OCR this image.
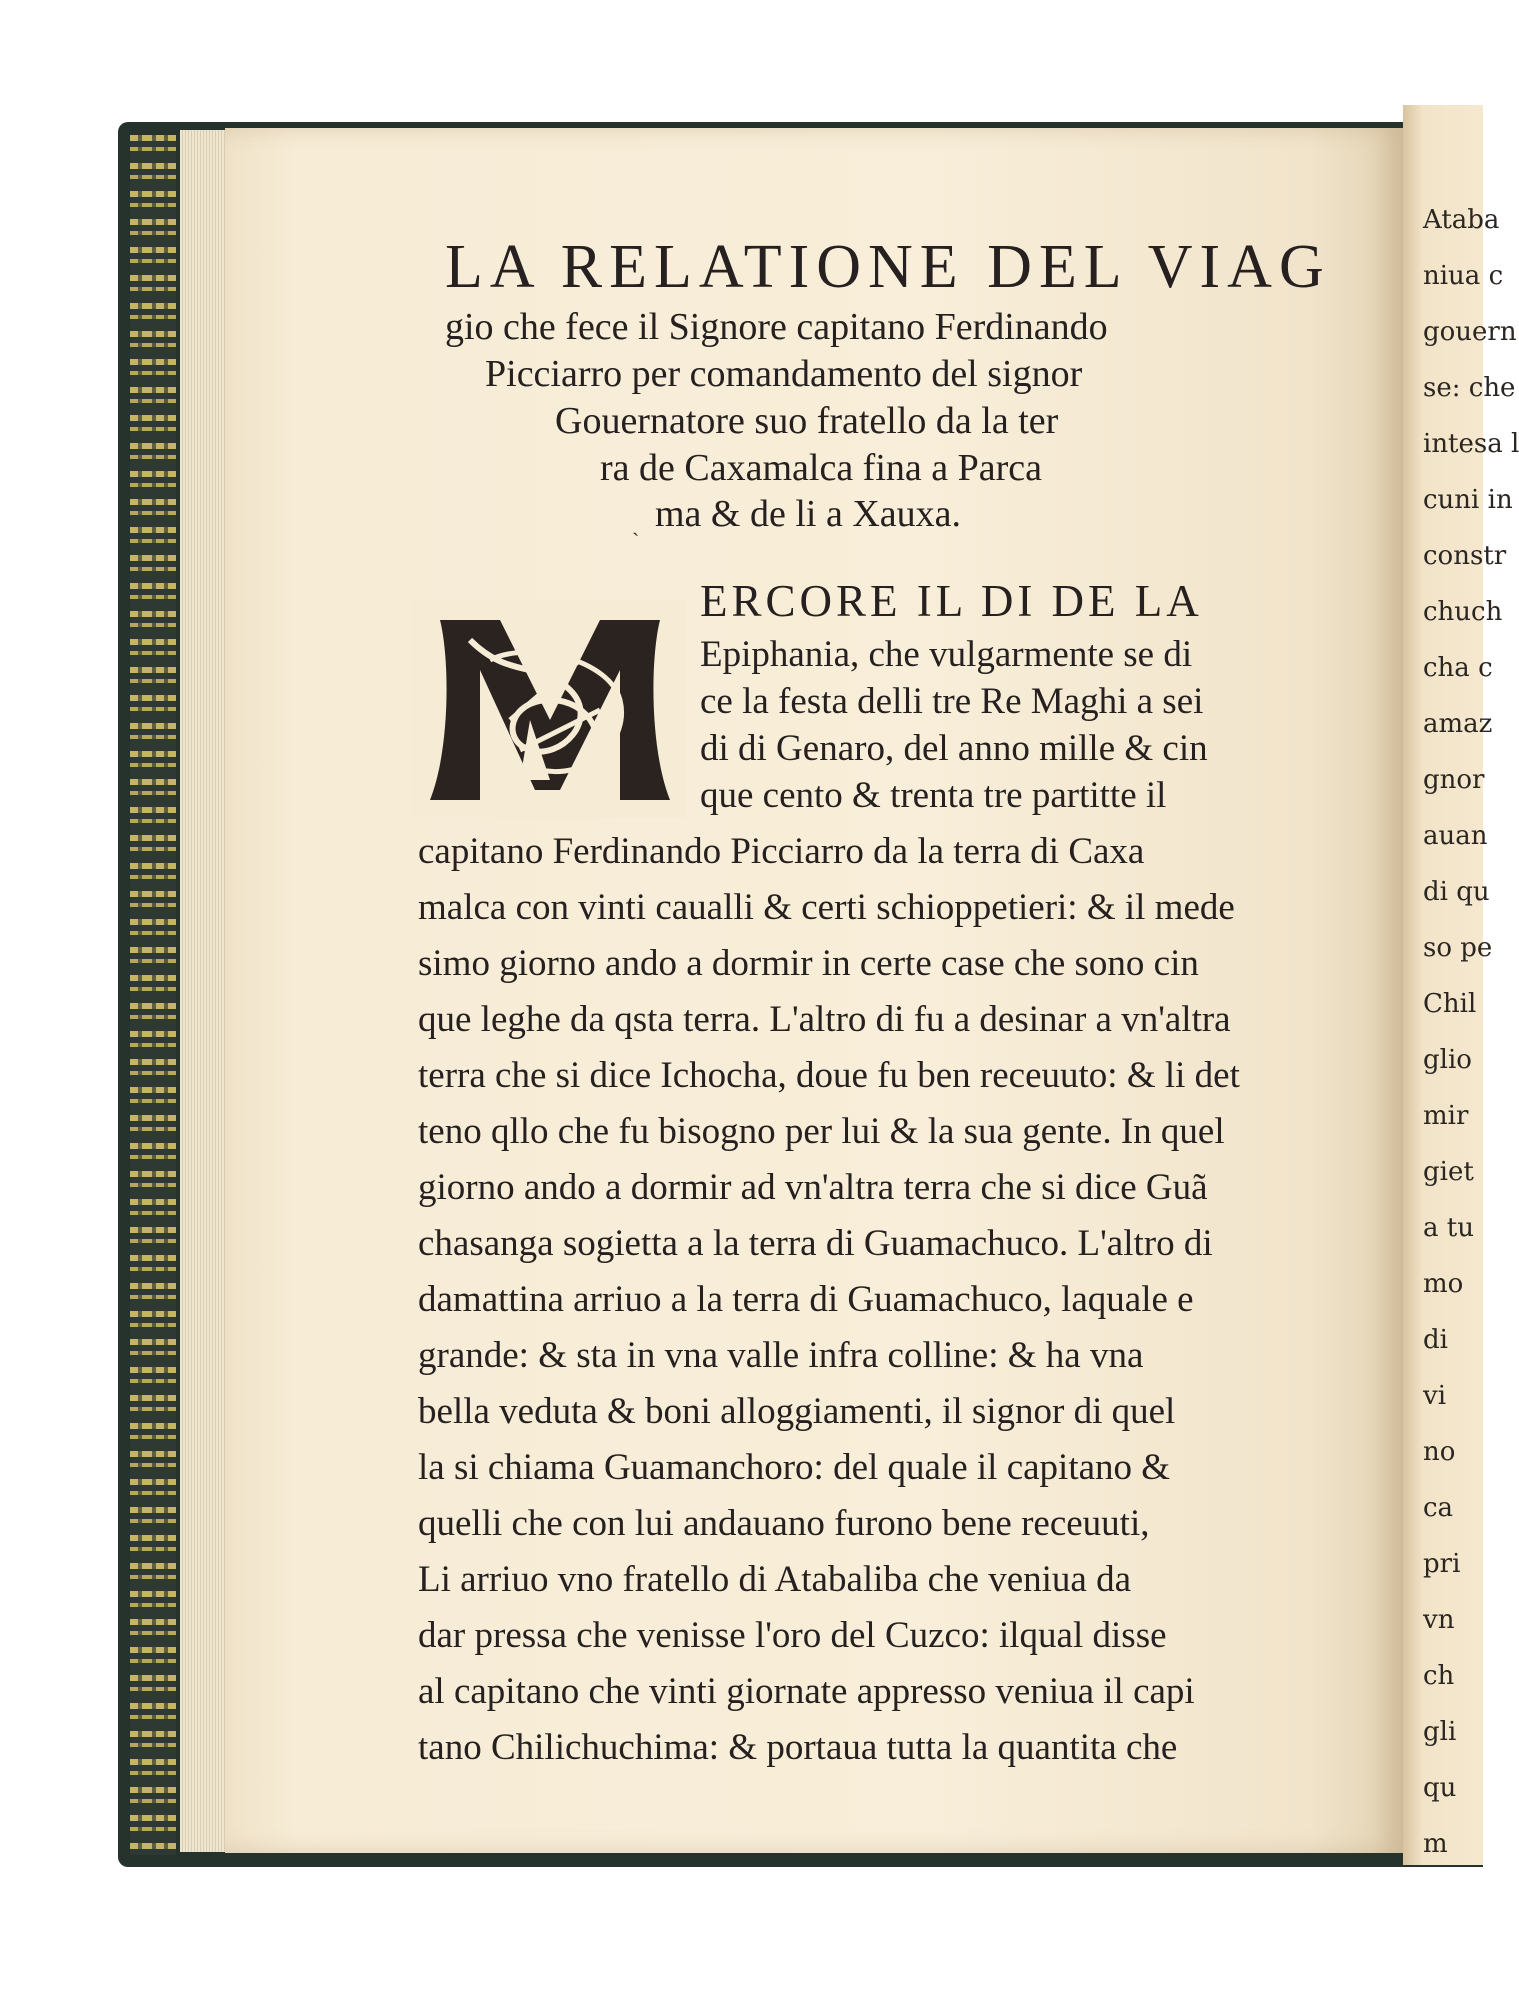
Ataba
niua c
gouern
se: che
intesa l
cuni in
constr
chuch
cha c
amaz
gnor
auan
di qu
so pe
Chil
glio
mir
giet
a tu
mo
di
vi
no
ca
pri
vn
ch
gli
qu
m
LA RELATIONE DEL VIAG
gio che fece il Signore capitano Ferdinando
Picciarro per comandamento del signor
Gouernatore suo fratello da la ter
ra de Caxamalca fina a Parca
ma & de li a Xauxa.
`
ERCORE IL DI DE LA
Epiphania, che vulgarmente se di
ce la festa delli tre Re Maghi a sei
di di Genaro, del anno mille & cin
que cento & trenta tre partitte il
capitano Ferdinando Picciarro da la terra di Caxa
malca con vinti caualli & certi schioppetieri: & il mede
simo giorno ando a dormir in certe case che sono cin
que leghe da qsta terra. L'altro di fu a desinar a vn'altra
terra che si dice Ichocha, doue fu ben receuuto: & li det
teno qllo che fu bisogno per lui & la sua gente. In quel
giorno ando a dormir ad vn'altra terra che si dice Guã
chasanga sogietta a la terra di Guamachuco. L'altro di
damattina arriuo a la terra di Guamachuco, laquale e
grande: & sta in vna valle infra colline: & ha vna
bella veduta & boni alloggiamenti, il signor di quel
la si chiama Guamanchoro: del quale il capitano &
quelli che con lui andauano furono bene receuuti,
Li arriuo vno fratello di Atabaliba che veniua da
dar pressa che venisse l'oro del Cuzco: ilqual disse
al capitano che vinti giornate appresso veniua il capi
tano Chilichuchima: & portaua tutta la quantita che
